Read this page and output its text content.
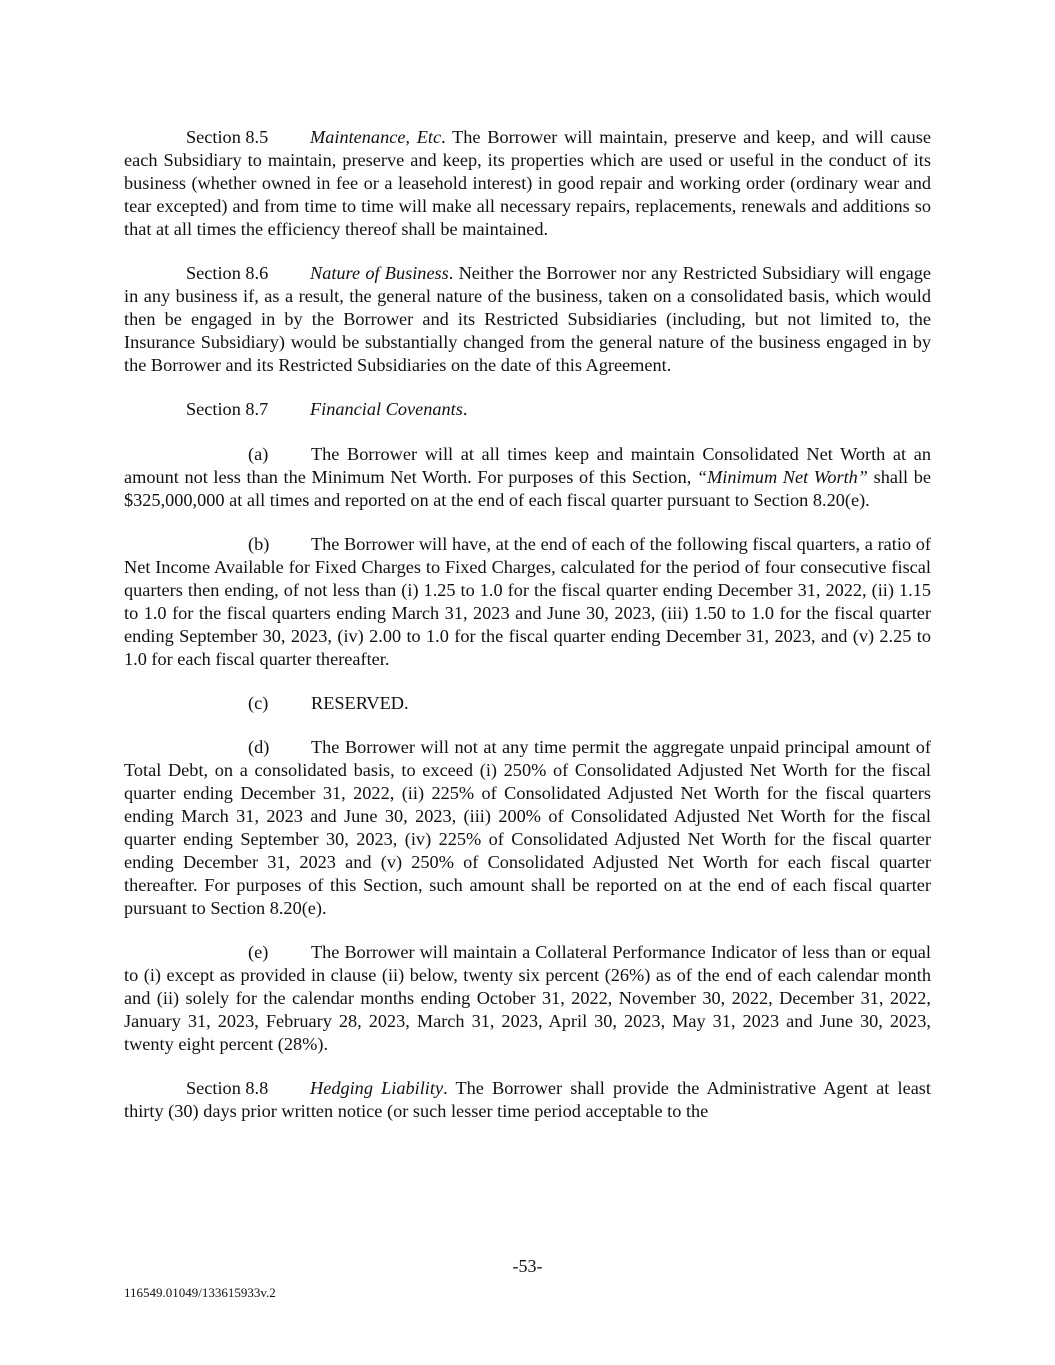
Section 8.5 Maintenance, Etc. The Borrower will maintain, preserve and keep, and will cause each Subsidiary to maintain, preserve and keep, its properties which are used or useful in the conduct of its business (whether owned in fee or a leasehold interest) in good repair and working order (ordinary wear and tear excepted) and from time to time will make all necessary repairs, replacements, renewals and additions so that at all times the efficiency thereof shall be maintained.

Section 8.6 Nature of Business. Neither the Borrower nor any Restricted Subsidiary will engage in any business if, as a result, the general nature of the business, taken on a consolidated basis, which would then be engaged in by the Borrower and its Restricted Subsidiaries (including, but not limited to, the Insurance Subsidiary) would be substantially changed from the general nature of the business engaged in by the Borrower and its Restricted Subsidiaries on the date of this Agreement.

Section 8.7 Financial Covenants.

(a) The Borrower will at all times keep and maintain Consolidated Net Worth at an amount not less than the Minimum Net Worth. For purposes of this Section, “Minimum Net Worth” shall be $325,000,000 at all times and reported on at the end of each fiscal quarter pursuant to Section 8.20(e).

(b) The Borrower will have, at the end of each of the following fiscal quarters, a ratio of Net Income Available for Fixed Charges to Fixed Charges, calculated for the period of four consecutive fiscal quarters then ending, of not less than (i) 1.25 to 1.0 for the fiscal quarter ending December 31, 2022, (ii) 1.15 to 1.0 for the fiscal quarters ending March 31, 2023 and June 30, 2023, (iii) 1.50 to 1.0 for the fiscal quarter ending September 30, 2023, (iv) 2.00 to 1.0 for the fiscal quarter ending December 31, 2023, and (v) 2.25 to 1.0 for each fiscal quarter thereafter.

(c) RESERVED.

(d) The Borrower will not at any time permit the aggregate unpaid principal amount of Total Debt, on a consolidated basis, to exceed (i) 250% of Consolidated Adjusted Net Worth for the fiscal quarter ending December 31, 2022, (ii) 225% of Consolidated Adjusted Net Worth for the fiscal quarters ending March 31, 2023 and June 30, 2023, (iii) 200% of Consolidated Adjusted Net Worth for the fiscal quarter ending September 30, 2023, (iv) 225% of Consolidated Adjusted Net Worth for the fiscal quarter ending December 31, 2023 and (v) 250% of Consolidated Adjusted Net Worth for each fiscal quarter thereafter. For purposes of this Section, such amount shall be reported on at the end of each fiscal quarter pursuant to Section 8.20(e).

(e) The Borrower will maintain a Collateral Performance Indicator of less than or equal to (i) except as provided in clause (ii) below, twenty six percent (26%) as of the end of each calendar month and (ii) solely for the calendar months ending October 31, 2022, November 30, 2022, December 31, 2022, January 31, 2023, February 28, 2023, March 31, 2023, April 30, 2023, May 31, 2023 and June 30, 2023, twenty eight percent (28%).

Section 8.8 Hedging Liability. The Borrower shall provide the Administrative Agent at least thirty (30) days prior written notice (or such lesser time period acceptable to the

-53-
116549.01049/133615933v.2
